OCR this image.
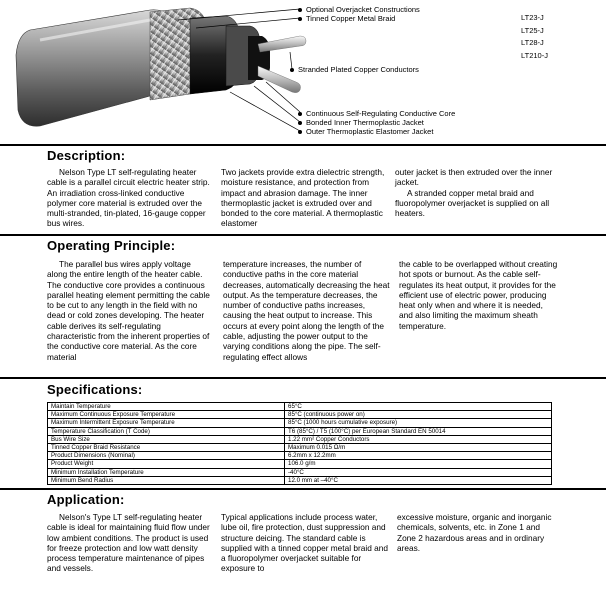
Optional Overjacket Constructions
Tinned Copper Metal Braid
Stranded Plated Copper Conductors
Continuous Self-Regulating Conductive Core
Bonded Inner Thermoplastic Jacket
Outer Thermoplastic Elastomer Jacket
LT23-J
LT25-J
LT28-J
LT210-J
Description:
Nelson Type LT self-regulating heater cable is a parallel circuit electric heater strip. An irradiation cross-linked conductive polymer core material is extruded over the multi-stranded, tin-plated, 16-gauge copper bus wires.
Two jackets provide extra dielectric strength, moisture resistance, and protection from impact and abrasion damage. The inner thermoplastic jacket is extruded over and bonded to the core material. A thermoplastic elastomer

outer jacket is then extruded over the inner jacket.

A stranded copper metal braid and fluoropolymer overjacket is supplied on all heaters.

Operating Principle:
The parallel bus wires apply voltage along the entire length of the heater cable. The conductive core provides a continuous parallel heating element permitting the cable to be cut to any length in the field with no dead or cold zones developing. The heater cable derives its self-regulating characteristic from the inherent properties of the conductive core material. As the core material
temperature increases, the number of conductive paths in the core material decreases, automatically decreasing the heat output. As the temperature decreases, the number of conductive paths increases, causing the heat output to increase. This occurs at every point along the length of the cable, adjusting the power output to the varying conditions along the pipe. The self-regulating effect allows
the cable to be overlapped without creating hot spots or burnout. As the cable self-regulates its heat output, it provides for the efficient use of electric power, producing heat only when and where it is needed, and also limiting the maximum sheath temperature.
Specifications:
Maintain Temperature	65°C
Maximum Continuous Exposure Temperature	85°C (continuous power on)
Maximum Intermittent Exposure Temperature	85°C (1000 hours cumulative exposure)
Temperature Classification (T Code)	T6 (85°C) / T5 (100°C) per European Standard EN 50014
Bus Wire Size	1.22 mm² Copper Conductors
Tinned Copper Braid Resistance	Maximum 0.015 Ω/m
Product Dimensions (Nominal)	6.2mm x 12.2mm
Product Weight	106.0 g/m
Minimum Installation Temperature	-40°C
Minimum Bend Radius	12.0 mm at –40°C
Application:
Nelson's Type LT self-regulating heater cable is ideal for maintaining fluid flow under low ambient conditions. The product is used for freeze protection and low watt density process temperature maintenance of pipes and vessels.
Typical applications include process water, lube oil, fire protection, dust suppression and structure deicing. The standard cable is supplied with a tinned copper metal braid and a fluoropolymer overjacket suitable for exposure to
excessive moisture, organic and inorganic chemicals, solvents, etc. in Zone 1 and Zone 2 hazardous areas and in ordinary areas.
